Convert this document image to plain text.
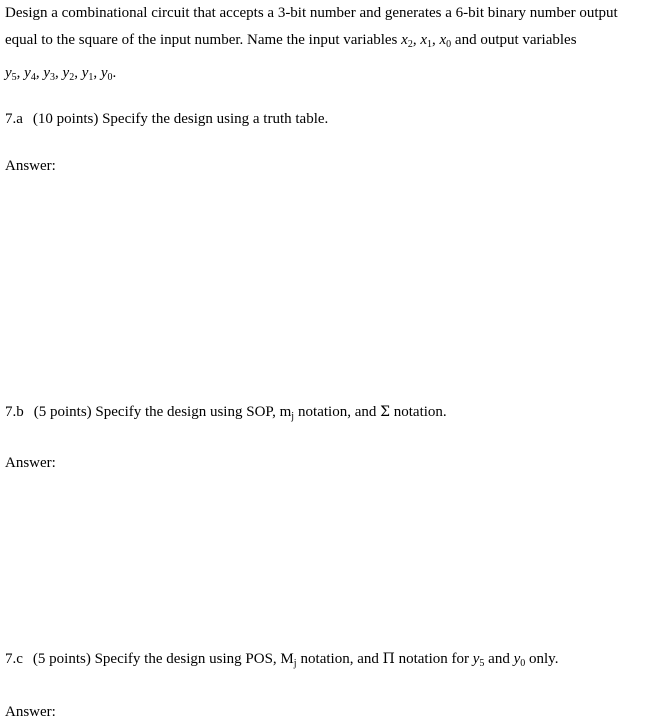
Design a combinational circuit that accepts a 3-bit number and generates a 6-bit binary number output
equal to the square of the input number. Name the input variables $x_2$, $x_1$, $x_0$ and output variables
$y_5$, $y_4$, $y_3$, $y_2$, $y_1$, $y_0$.
7.a (10 points) Specify the design using a truth table.
Answer:
7.b (5 points) Specify the design using SOP, $m_j$ notation, and Σ notation.
Answer:
7.c (5 points) Specify the design using POS, $M_j$ notation, and Π notation for $y_5$ and $y_0$ only.
Answer:
